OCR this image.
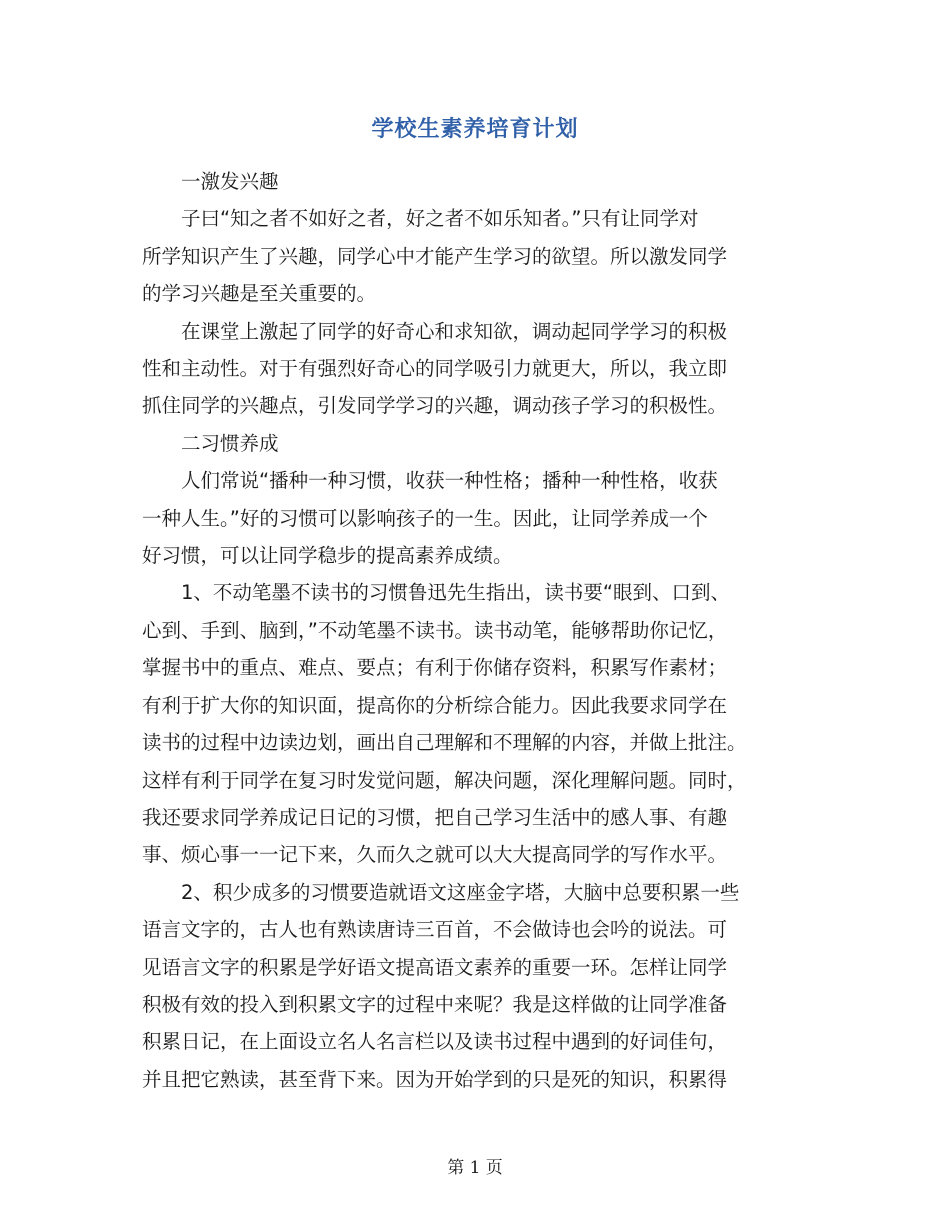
学校生素养培育计划

一激发兴趣

子曰“知之者不如好之者，好之者不如乐知者。”只有让同学对
所学知识产生了兴趣，同学心中才能产生学习的欲望。所以激发同学
的学习兴趣是至关重要的。

在课堂上激起了同学的好奇心和求知欲，调动起同学学习的积极
性和主动性。对于有强烈好奇心的同学吸引力就更大，所以，我立即
抓住同学的兴趣点，引发同学学习的兴趣，调动孩子学习的积极性。

二习惯养成

人们常说“播种一种习惯，收获一种性格；播种一种性格，收获
一种人生。”好的习惯可以影响孩子的一生。因此，让同学养成一个
好习惯，可以让同学稳步的提高素养成绩。

1、不动笔墨不读书的习惯鲁迅先生指出，读书要“眼到、口到、
心到、手到、脑到，”不动笔墨不读书。读书动笔，能够帮助你记忆，
掌握书中的重点、难点、要点；有利于你储存资料，积累写作素材；
有利于扩大你的知识面，提高你的分析综合能力。因此我要求同学在
读书的过程中边读边划，画出自己理解和不理解的内容，并做上批注。
这样有利于同学在复习时发觉问题，解决问题，深化理解问题。同时，
我还要求同学养成记日记的习惯，把自己学习生活中的感人事、有趣
事、烦心事一一记下来，久而久之就可以大大提高同学的写作水平。

2、积少成多的习惯要造就语文这座金字塔，大脑中总要积累一些
语言文字的，古人也有熟读唐诗三百首，不会做诗也会吟的说法。可
见语言文字的积累是学好语文提高语文素养的重要一环。怎样让同学
积极有效的投入到积累文字的过程中来呢？我是这样做的让同学准备
积累日记，在上面设立名人名言栏以及读书过程中遇到的好词佳句，
并且把它熟读，甚至背下来。因为开始学到的只是死的知识，积累得

第 1 页
